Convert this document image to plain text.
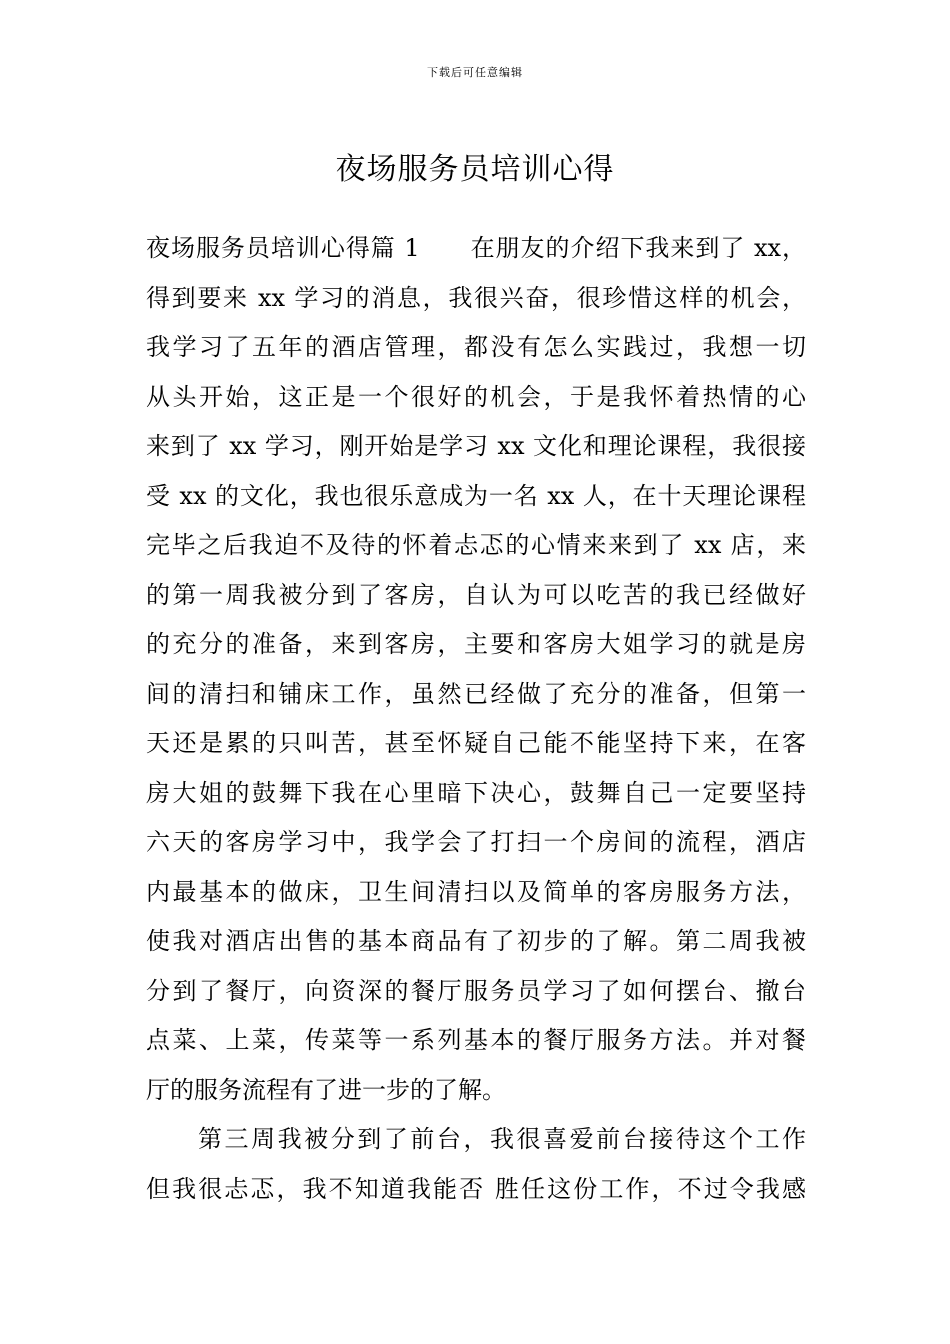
下载后可任意编辑
夜场服务员培训心得
夜场服务员培训心得篇 1　　在朋友的介绍下我来到了 xx，
得到要来 xx 学习的消息，我很兴奋，很珍惜这样的机会，
我学习了五年的酒店管理，都没有怎么实践过，我想一切
从头开始，这正是一个很好的机会，于是我怀着热情的心
来到了 xx 学习，刚开始是学习 xx 文化和理论课程，我很接
受 xx 的文化，我也很乐意成为一名 xx 人，在十天理论课程
完毕之后我迫不及待的怀着忐忑的心情来来到了 xx 店，来
的第一周我被分到了客房，自认为可以吃苦的我已经做好
的充分的准备，来到客房，主要和客房大姐学习的就是房
间的清扫和铺床工作，虽然已经做了充分的准备，但第一
天还是累的只叫苦，甚至怀疑自己能不能坚持下来，在客
房大姐的鼓舞下我在心里暗下决心，鼓舞自己一定要坚持
六天的客房学习中，我学会了打扫一个房间的流程，酒店
内最基本的做床，卫生间清扫以及简单的客房服务方法，
使我对酒店出售的基本商品有了初步的了解。第二周我被
分到了餐厅，向资深的餐厅服务员学习了如何摆台、撤台
点菜、上菜，传菜等一系列基本的餐厅服务方法。并对餐
厅的服务流程有了进一步的了解。
第三周我被分到了前台，我很喜爱前台接待这个工作
但我很忐忑，我不知道我能否 胜任这份工作，不过令我感
